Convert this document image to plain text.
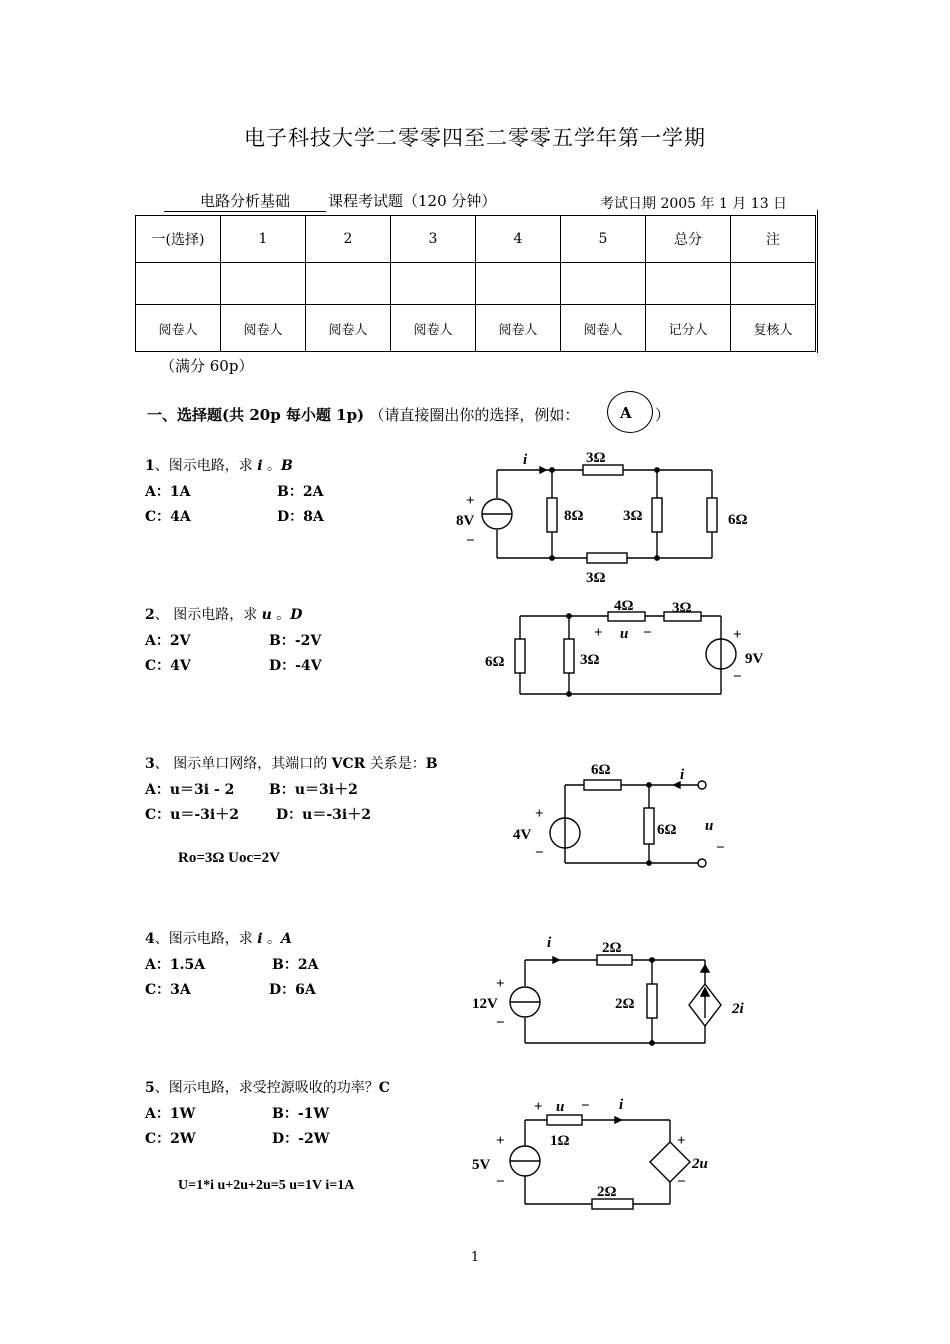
电子科技大学二零零四至二零零五学年第一学期
电路分析基础	课程考试题（120 分钟）	考试日期 2005 年 1 月 13 日
一(选择)	1	2	3	4	5	总分	注

阅卷人	阅卷人	阅卷人	阅卷人	阅卷人	阅卷人	记分人	复核人
（满分 60p）
一、选择题(共 20p 每小题 1p) （请直接圈出你的选择，例如：	A ）
1、图示电路，求 i 。B
A：1A	B：2A
C：4A	D：8A
2、 图示电路，求 u 。D
A：2V	B：-2V
C：4V	D：-4V
3、 图示单口网络，其端口的 VCR 关系是：B
A：u＝3i - 2 B：u＝3i＋2
C：u＝-3i＋2	D：u＝-3i＋2
Ro=3Ω Uoc=2V
4、图示电路，求 i 。A
A：1.5A	B：2A
C：3A	D：6A
5、图示电路，求受控源吸收的功率？C
A：1W	B：-1W
C：2W	D：-2W
U=1*i u+2u+2u=5 u=1V i=1A
i	3Ω
+
8V
−
8Ω	3Ω	6Ω
3Ω
4Ω	3Ω
+ u −
6Ω	3Ω
+
9V
−
6Ω	i
+
4V
−
6Ω u
−
i	2Ω
+
12V
−
2Ω	2i
+ u − i
1Ω
+
5V
−
+
2u
−
2Ω
1
